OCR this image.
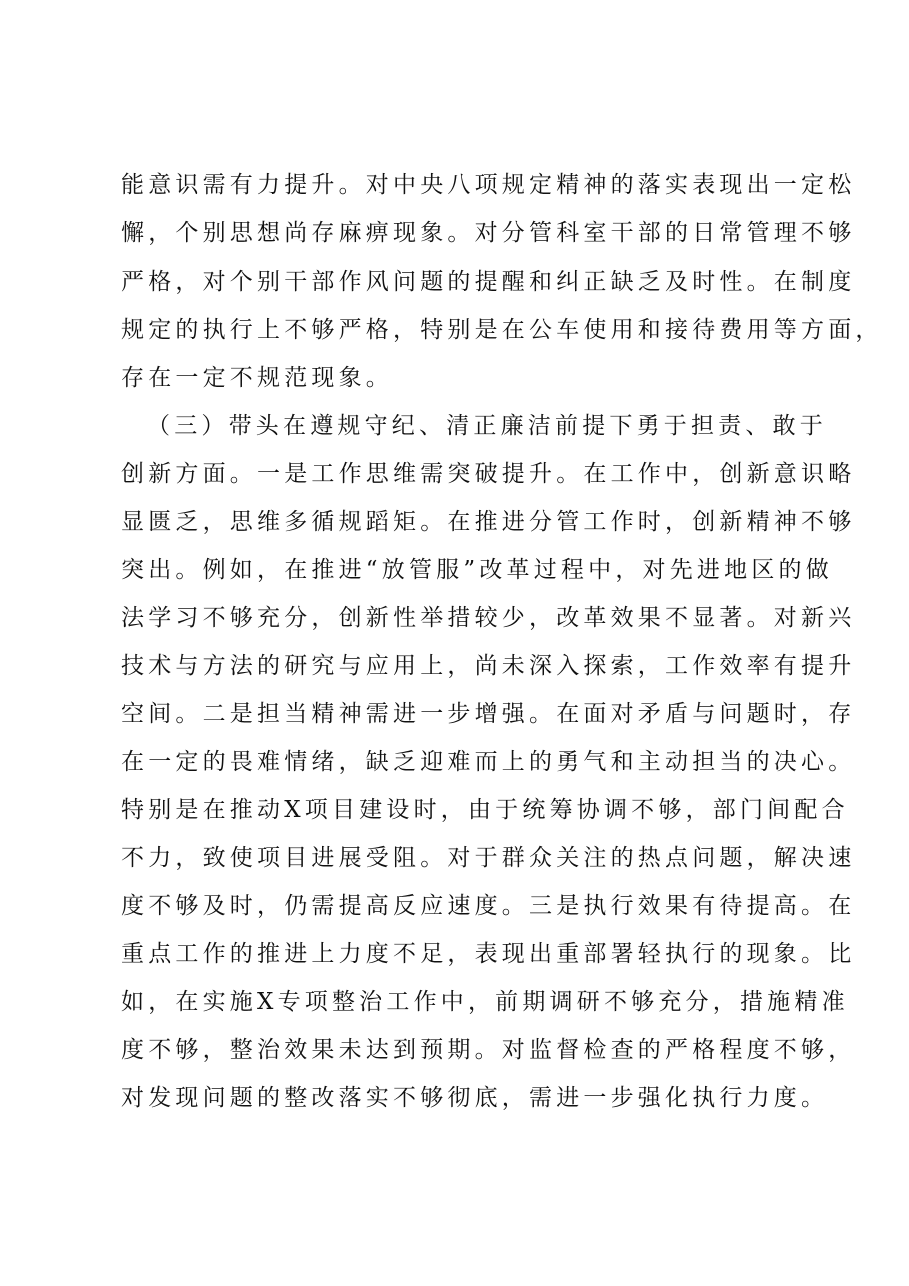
能意识需有力提升。对中央八项规定精神的落实表现出一定松
懈，个别思想尚存麻痹现象。对分管科室干部的日常管理不够
严格，对个别干部作风问题的提醒和纠正缺乏及时性。在制度
规定的执行上不够严格，特别是在公车使用和接待费用等方面，
存在一定不规范现象。
（三）带头在遵规守纪、清正廉洁前提下勇于担责、敢于
创新方面。一是工作思维需突破提升。在工作中，创新意识略
显匮乏，思维多循规蹈矩。在推进分管工作时，创新精神不够
突出。例如，在推进“放管服”改革过程中，对先进地区的做
法学习不够充分，创新性举措较少，改革效果不显著。对新兴
技术与方法的研究与应用上，尚未深入探索，工作效率有提升
空间。二是担当精神需进一步增强。在面对矛盾与问题时，存
在一定的畏难情绪，缺乏迎难而上的勇气和主动担当的决心。
特别是在推动X项目建设时，由于统筹协调不够，部门间配合
不力，致使项目进展受阻。对于群众关注的热点问题，解决速
度不够及时，仍需提高反应速度。三是执行效果有待提高。在
重点工作的推进上力度不足，表现出重部署轻执行的现象。比
如，在实施X专项整治工作中，前期调研不够充分，措施精准
度不够，整治效果未达到预期。对监督检查的严格程度不够，
对发现问题的整改落实不够彻底，需进一步强化执行力度。
